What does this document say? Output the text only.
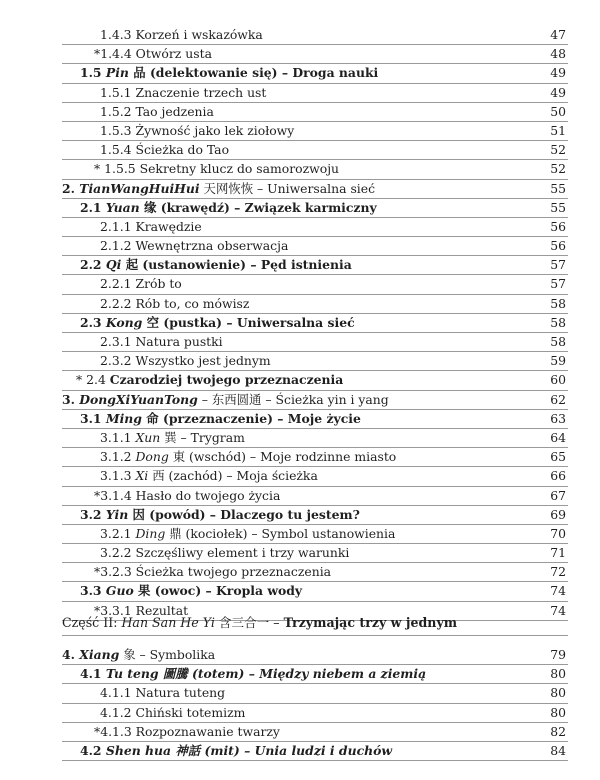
1.4.3 Korzeń i wskazówka	47
*1.4.4 Otwórz usta	48
1.5 Pin 品 (delektowanie się) – Droga nauki	49
1.5.1 Znaczenie trzech ust	49
1.5.2 Tao jedzenia	50
1.5.3 Żywność jako lek ziołowy	51
1.5.4 Ścieżka do Tao	52
* 1.5.5 Sekretny klucz do samorozwoju	52
2. TianWangHuiHui 天网恢恢 – Uniwersalna sieć	55
2.1 Yuan 缘 (krawędź) – Związek karmiczny	55
2.1.1 Krawędzie	56
2.1.2 Wewnętrzna obserwacja	56
2.2 Qi 起 (ustanowienie) – Pęd istnienia	57
2.2.1 Zrób to	57
2.2.2 Rób to, co mówisz	58
2.3 Kong 空 (pustka) – Uniwersalna sieć	58
2.3.1 Natura pustki	58
2.3.2 Wszystko jest jednym	59
* 2.4 Czarodziej twojego przeznaczenia	60
3. DongXiYuanTong – 东西圆通 – Ścieżka yin i yang	62
3.1 Ming 命 (przeznaczenie) – Moje życie	63
3.1.1 Xun 巽 – Trygram	64
3.1.2 Dong 東 (wschód) – Moje rodzinne miasto	65
3.1.3 Xi 西 (zachód) – Moja ścieżka	66
*3.1.4 Hasło do twojego życia	67
3.2 Yin 因 (powód) – Dlaczego tu jestem?	69
3.2.1 Ding 鼎 (kociołek) – Symbol ustanowienia	70
3.2.2 Szczęśliwy element i trzy warunki	71
*3.2.3 Ścieżka twojego przeznaczenia	72
3.3 Guo 果 (owoc) – Kropla wody	74
*3.3.1 Rezultat	74
Część II: Han San He Yi 含三合一 – Trzymając trzy w jednym
4. Xiang 象 – Symbolika	79
4.1 Tu teng 圖騰 (totem) – Między niebem a ziemią	80
4.1.1 Natura tuteng	80
4.1.2 Chiński totemizm	80
*4.1.3 Rozpoznawanie twarzy	82
4.2 Shen hua 神話 (mit) – Unia ludzi i duchów	84
